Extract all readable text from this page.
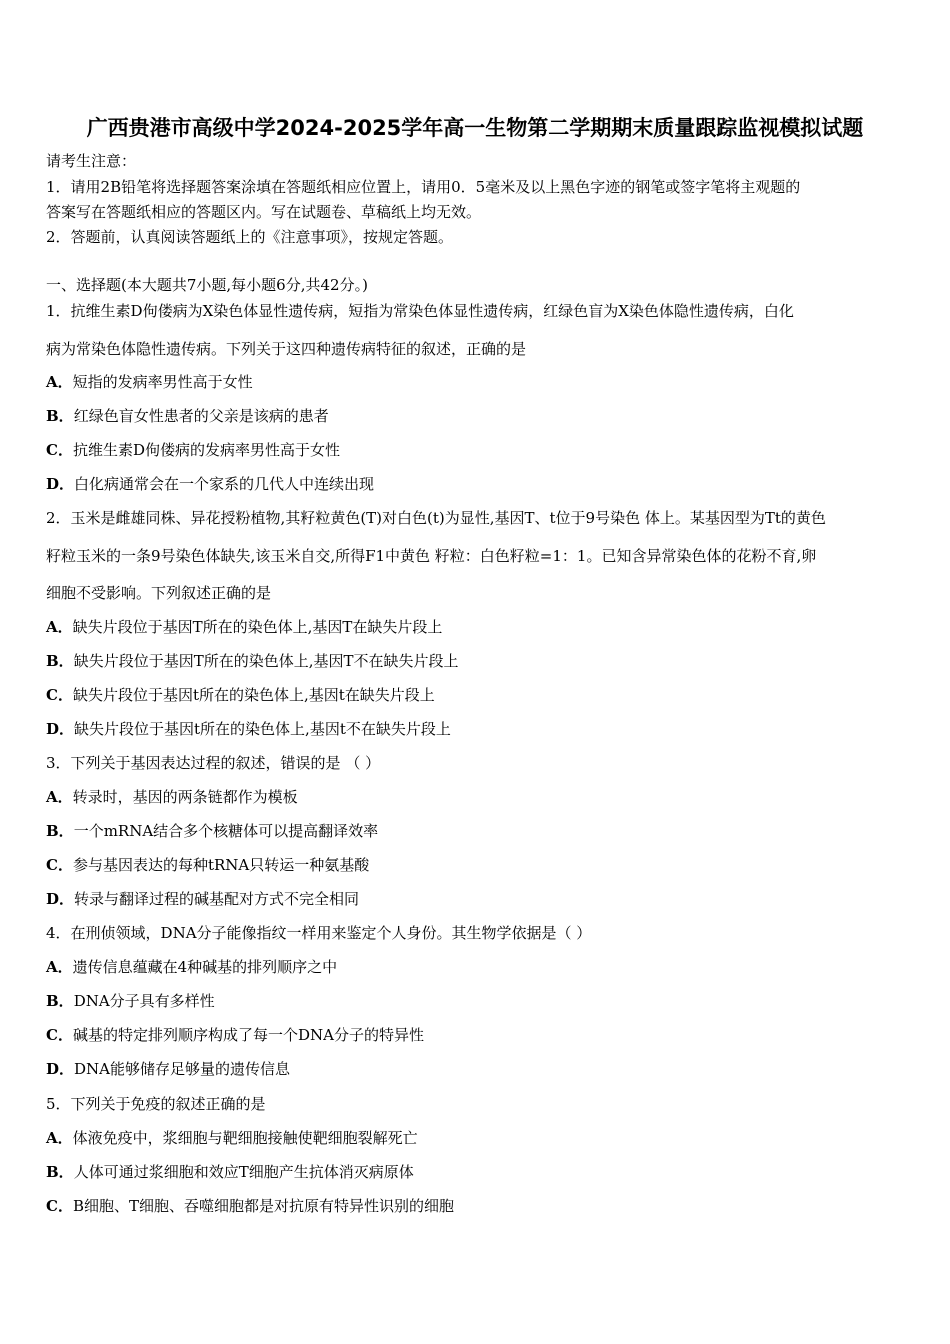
广西贵港市高级中学2024-2025学年高一生物第二学期期末质量跟踪监视模拟试题
请考生注意：
1．请用2B铅笔将选择题答案涂填在答题纸相应位置上，请用0．5毫米及以上黑色字迹的钢笔或签字笔将主观题的
答案写在答题纸相应的答题区内。写在试题卷、草稿纸上均无效。
2．答题前，认真阅读答题纸上的《注意事项》，按规定答题。
一、选择题(本大题共7小题,每小题6分,共42分。)
1．抗维生素D佝偻病为X染色体显性遗传病，短指为常染色体显性遗传病，红绿色盲为X染色体隐性遗传病，白化
病为常染色体隐性遗传病。下列关于这四种遗传病特征的叙述，正确的是
A．短指的发病率男性高于女性
B．红绿色盲女性患者的父亲是该病的患者
C．抗维生素D佝偻病的发病率男性高于女性
D．白化病通常会在一个家系的几代人中连续出现
2．玉米是雌雄同株、异花授粉植物,其籽粒黄色(T)对白色(t)为显性,基因T、t位于9号染色 体上。某基因型为Tt的黄色
籽粒玉米的一条9号染色体缺失,该玉米自交,所得F1中黄色 籽粒：白色籽粒=1：1。已知含异常染色体的花粉不育,卵
细胞不受影响。下列叙述正确的是
A．缺失片段位于基因T所在的染色体上,基因T在缺失片段上
B．缺失片段位于基因T所在的染色体上,基因T不在缺失片段上
C．缺失片段位于基因t所在的染色体上,基因t在缺失片段上
D．缺失片段位于基因t所在的染色体上,基因t不在缺失片段上
3．下列关于基因表达过程的叙述，错误的是 （ ）
A．转录时，基因的两条链都作为模板
B．一个mRNA结合多个核糖体可以提高翻译效率
C．参与基因表达的每种tRNA只转运一种氨基酸
D．转录与翻译过程的碱基配对方式不完全相同
4．在刑侦领域，DNA分子能像指纹一样用来鉴定个人身份。其生物学依据是（ ）
A．遗传信息蕴藏在4种碱基的排列顺序之中
B．DNA分子具有多样性
C．碱基的特定排列顺序构成了每一个DNA分子的特异性
D．DNA能够储存足够量的遗传信息
5．下列关于免疫的叙述正确的是
A．体液免疫中，浆细胞与靶细胞接触使靶细胞裂解死亡
B．人体可通过浆细胞和效应T细胞产生抗体消灭病原体
C．B细胞、T细胞、吞噬细胞都是对抗原有特异性识别的细胞
